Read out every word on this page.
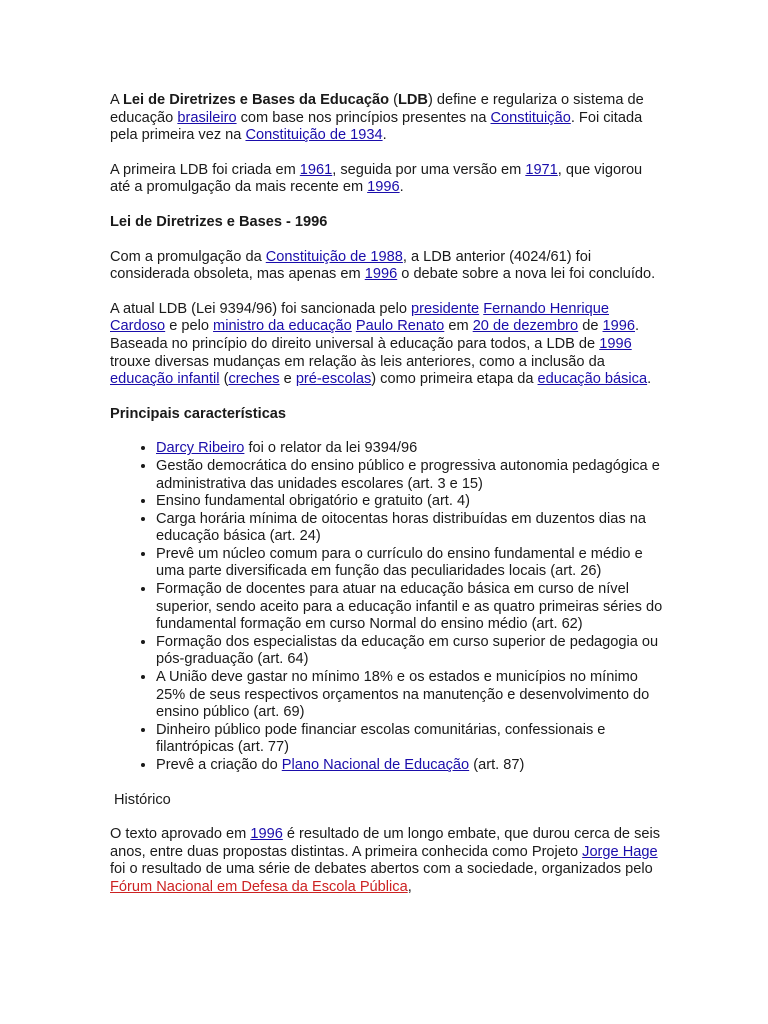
A Lei de Diretrizes e Bases da Educação (LDB) define e regulariza o sistema de educação brasileiro com base nos princípios presentes na Constituição. Foi citada pela primeira vez na Constituição de 1934.

A primeira LDB foi criada em 1961, seguida por uma versão em 1971, que vigorou até a promulgação da mais recente em 1996.

Lei de Diretrizes e Bases - 1996

Com a promulgação da Constituição de 1988, a LDB anterior (4024/61) foi considerada obsoleta, mas apenas em 1996 o debate sobre a nova lei foi concluído.

A atual LDB (Lei 9394/96) foi sancionada pelo presidente Fernando Henrique Cardoso e pelo ministro da educação Paulo Renato em 20 de dezembro de 1996. Baseada no princípio do direito universal à educação para todos, a LDB de 1996 trouxe diversas mudanças em relação às leis anteriores, como a inclusão da educação infantil (creches e pré-escolas) como primeira etapa da educação básica.

Principais características
• Darcy Ribeiro foi o relator da lei 9394/96
• Gestão democrática do ensino público e progressiva autonomia pedagógica e administrativa das unidades escolares (art. 3 e 15)
• Ensino fundamental obrigatório e gratuito (art. 4)
• Carga horária mínima de oitocentas horas distribuídas em duzentos dias na educação básica (art. 24)
• Prevê um núcleo comum para o currículo do ensino fundamental e médio e uma parte diversificada em função das peculiaridades locais (art. 26)
• Formação de docentes para atuar na educação básica em curso de nível superior, sendo aceito para a educação infantil e as quatro primeiras séries do fundamental formação em curso Normal do ensino médio (art. 62)
• Formação dos especialistas da educação em curso superior de pedagogia ou pós-graduação (art. 64)
• A União deve gastar no mínimo 18% e os estados e municípios no mínimo 25% de seus respectivos orçamentos na manutenção e desenvolvimento do ensino público (art. 69)
• Dinheiro público pode financiar escolas comunitárias, confessionais e filantrópicas (art. 77)
• Prevê a criação do Plano Nacional de Educação (art. 87)
Histórico

O texto aprovado em 1996 é resultado de um longo embate, que durou cerca de seis anos, entre duas propostas distintas. A primeira conhecida como Projeto Jorge Hage foi o resultado de uma série de debates abertos com a sociedade, organizados pelo Fórum Nacional em Defesa da Escola Pública,
